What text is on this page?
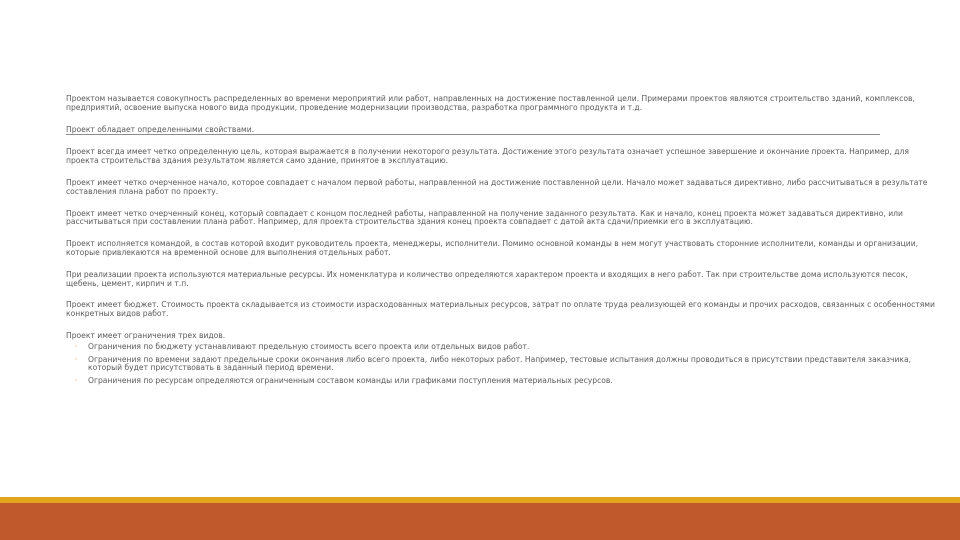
Проектом называется совокупность распределенных во времени мероприятий или работ, направленных на достижение поставленной цели. Примерами проектов являются строительство зданий, комплексов, предприятий, освоение выпуска нового вида продукции, проведение модернизации производства, разработка программного продукта и т.д.

Проект обладает определенными свойствами.

Проект всегда имеет четко определенную цель, которая выражается в получении некоторого результата. Достижение этого результата означает успешное завершение и окончание проекта. Например, для проекта строительства здания результатом является само здание, принятое в эксплуатацию.

Проект имеет четко очерченное начало, которое совпадает с началом первой работы, направленной на достижение поставленной цели. Начало может задаваться директивно, либо рассчитываться в результате составления плана работ по проекту.

Проект имеет четко очерченный конец, который совпадает с концом последней работы, направленной на получение заданного результата. Как и начало, конец проекта может задаваться директивно, или рассчитываться при составлении плана работ. Например, для проекта строительства здания конец проекта совпадает с датой акта сдачи/приемки его в эксплуатацию.

Проект исполняется командой, в состав которой входит руководитель проекта, менеджеры, исполнители. Помимо основной команды в нем могут участвовать сторонние исполнители, команды и организации, которые привлекаются на временной основе для выполнения отдельных работ.

При реализации проекта используются материальные ресурсы. Их номенклатура и количество определяются характером проекта и входящих в него работ. Так при строительстве дома используются песок, щебень, цемент, кирпич и т.п.

Проект имеет бюджет. Стоимость проекта складывается из стоимости израсходованных материальных ресурсов, затрат по оплате труда реализующей его команды и прочих расходов, связанных с особенностями конкретных видов работ.

Проект имеет ограничения трех видов.

◦ Ограничения по бюджету устанавливают предельную стоимость всего проекта или отдельных видов работ.
◦ Ограничения по времени задают предельные сроки окончания либо всего проекта, либо некоторых работ. Например, тестовые испытания должны проводиться в присутствии представителя заказчика, который будет присутствовать в заданный период времени.
◦ Ограничения по ресурсам определяются ограниченным составом команды или графиками поступления материальных ресурсов.
